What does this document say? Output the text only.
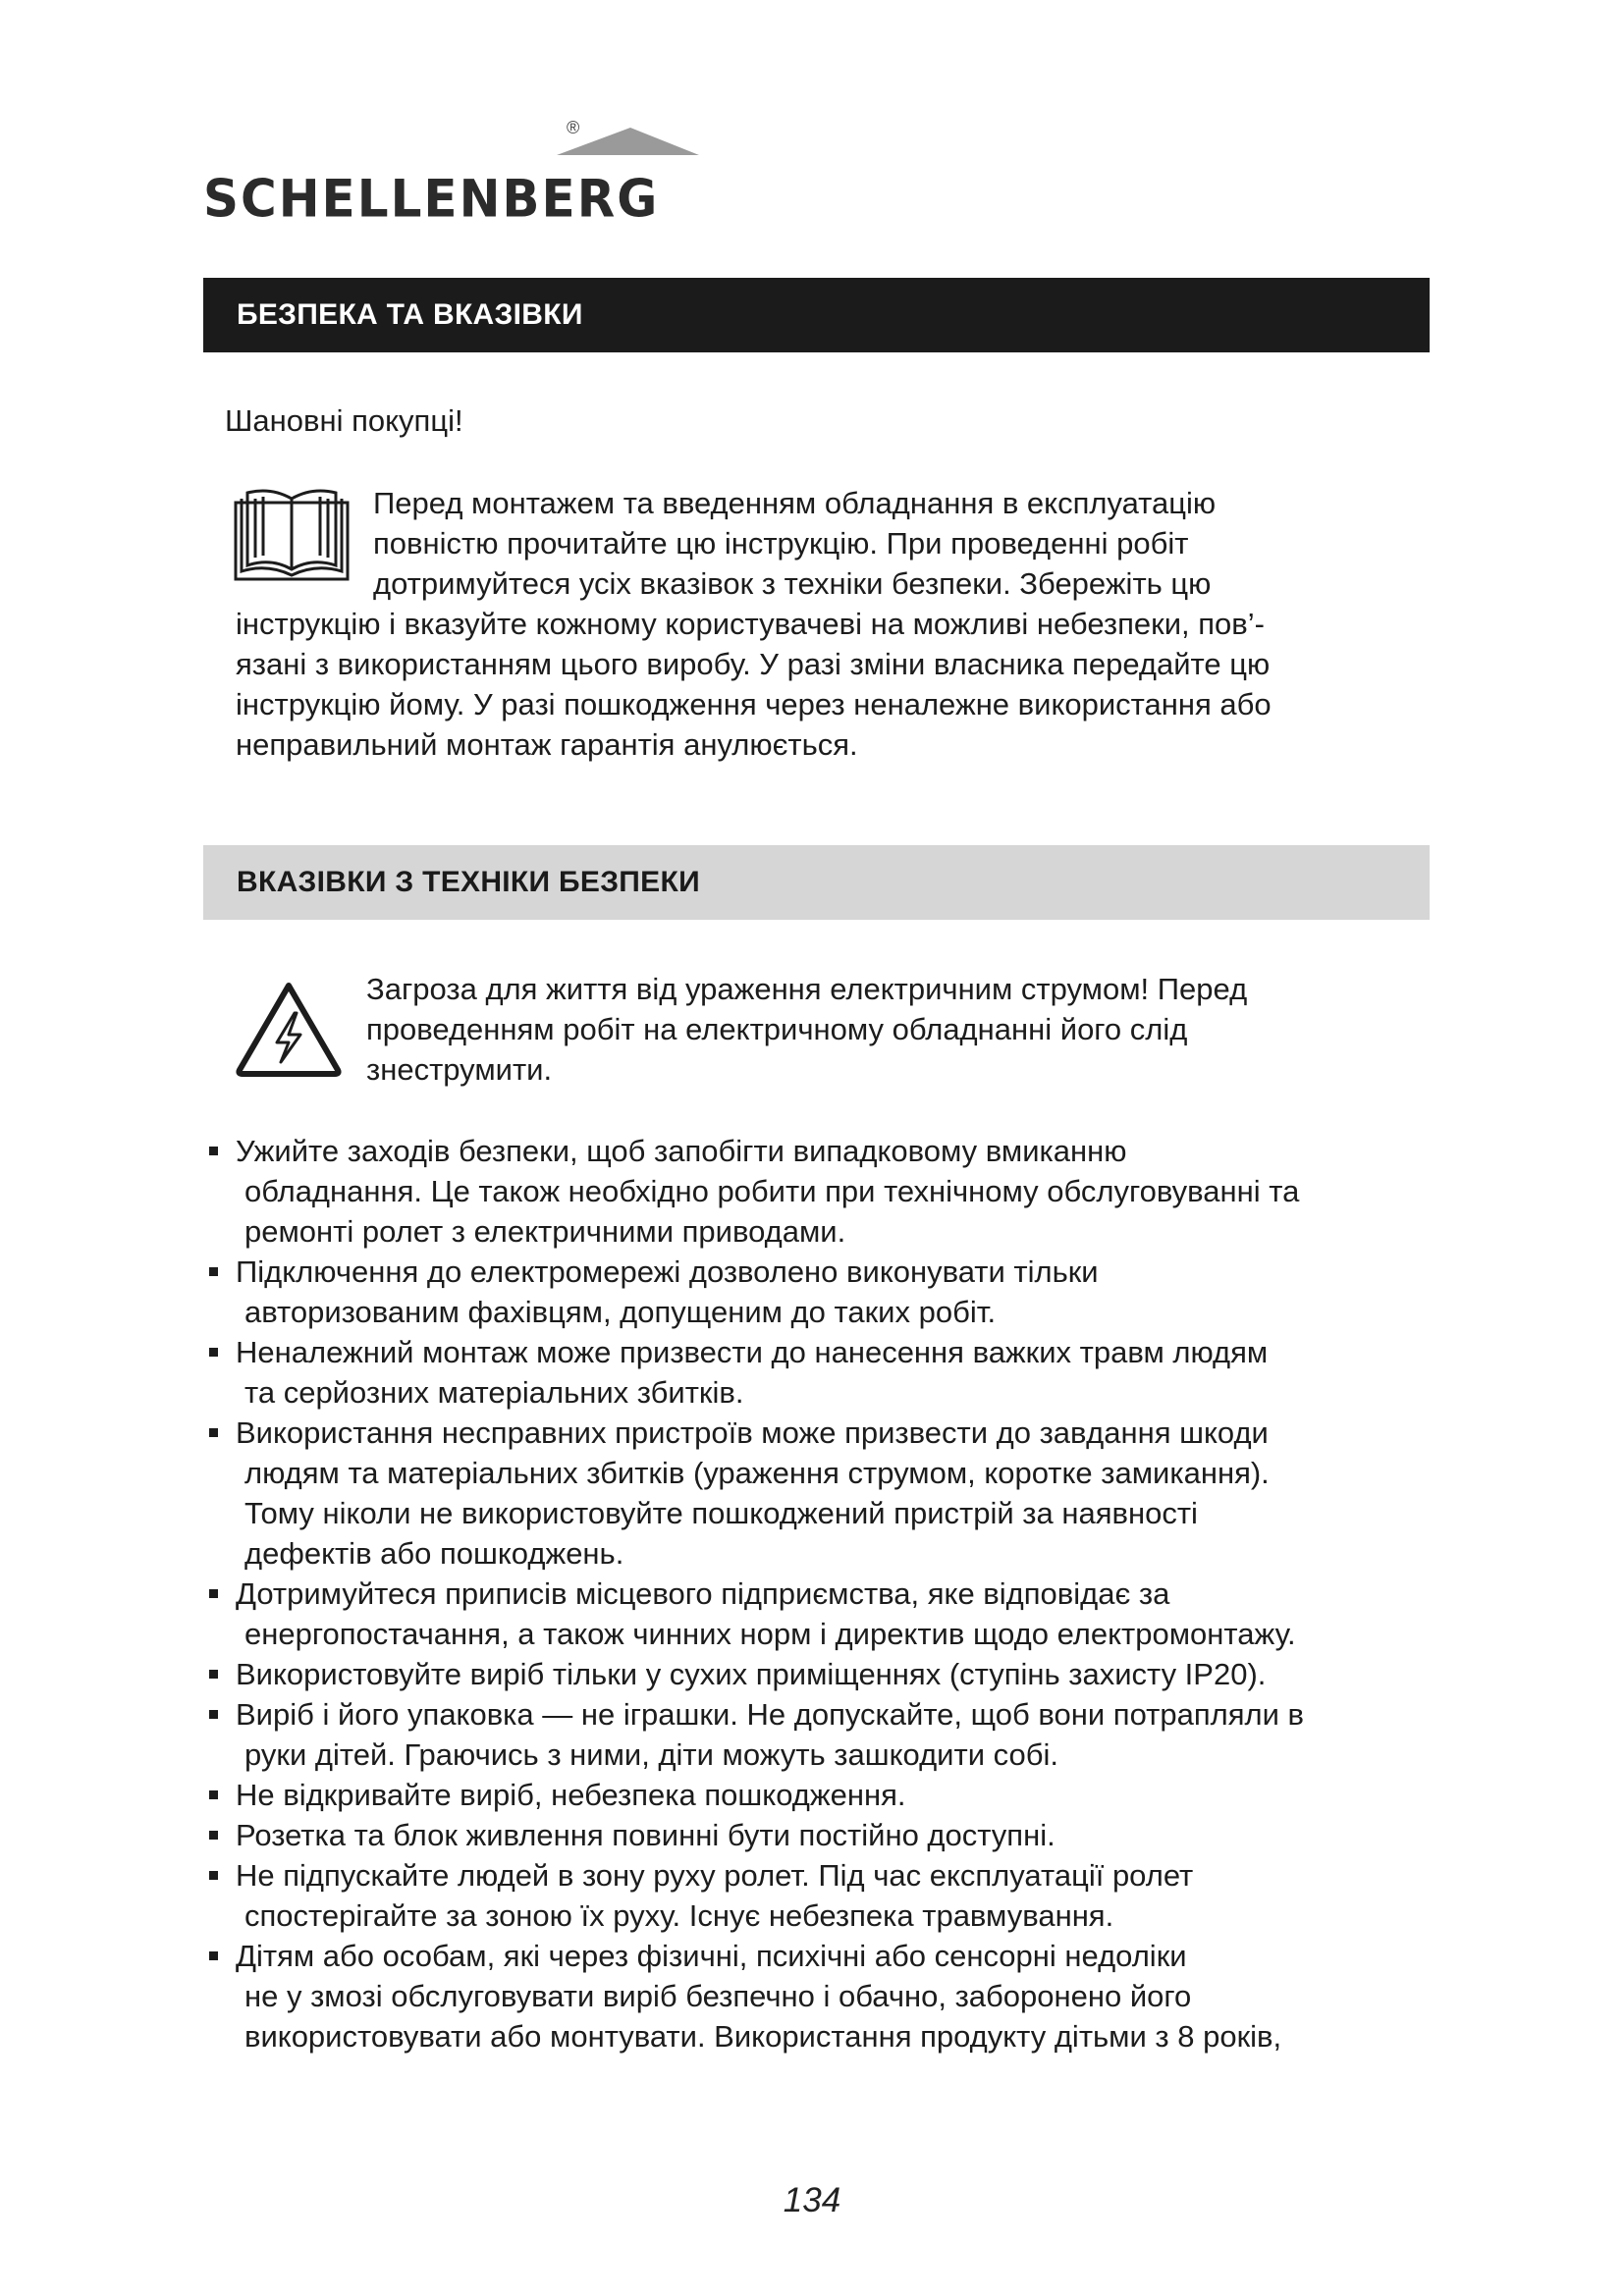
®
SCHELLENBERG
БЕЗПЕКА ТА ВКАЗІВКИ
Шановні покупці!
Перед монтажем та введенням обладнання в експлуатацію
повністю прочитайте цю інструкцію. При проведенні робіт
дотримуйтеся усіх вказівок з техніки безпеки. Збережіть цю
інструкцію і вказуйте кожному користувачеві на можливі небезпеки, пов’-
язані з використанням цього виробу. У разі зміни власника передайте цю
інструкцію йому. У разі пошкодження через неналежне використання або
неправильний монтаж гарантія анулюється.
ВКАЗІВКИ З ТЕХНІКИ БЕЗПЕКИ
Загроза для життя від ураження електричним струмом! Перед
проведенням робіт на електричному обладнанні його слід
знеструмити.
Ужийте заходів безпеки, щоб запобігти випадковому вмиканню
обладнання. Це також необхідно робити при технічному обслуговуванні та
ремонті ролет з електричними приводами.
Підключення до електромережі дозволено виконувати тільки
авторизованим фахівцям, допущеним до таких робіт.
Неналежний монтаж може призвести до нанесення важких травм людям
та серйозних матеріальних збитків.
Використання несправних пристроїв може призвести до завдання шкоди
людям та матеріальних збитків (ураження струмом, коротке замикання).
Тому ніколи не використовуйте пошкоджений пристрій за наявності
дефектів або пошкоджень.
Дотримуйтеся приписів місцевого підприємства, яке відповідає за
енергопостачання, а також чинних норм і директив щодо електромонтажу.
Використовуйте виріб тільки у сухих приміщеннях (ступінь захисту IP20).
Виріб і його упаковка — не іграшки. Не допускайте, щоб вони потрапляли в
руки дітей. Граючись з ними, діти можуть зашкодити собі.
Не відкривайте виріб, небезпека пошкодження.
Розетка та блок живлення повинні бути постійно доступні.
Не підпускайте людей в зону руху ролет. Під час експлуатації ролет
спостерігайте за зоною їх руху. Існує небезпека травмування.
Дітям або особам, які через фізичні, психічні або сенсорні недоліки
не у змозі обслуговувати виріб безпечно і обачно, заборонено його
використовувати або монтувати. Використання продукту дітьми з 8 років,
134
